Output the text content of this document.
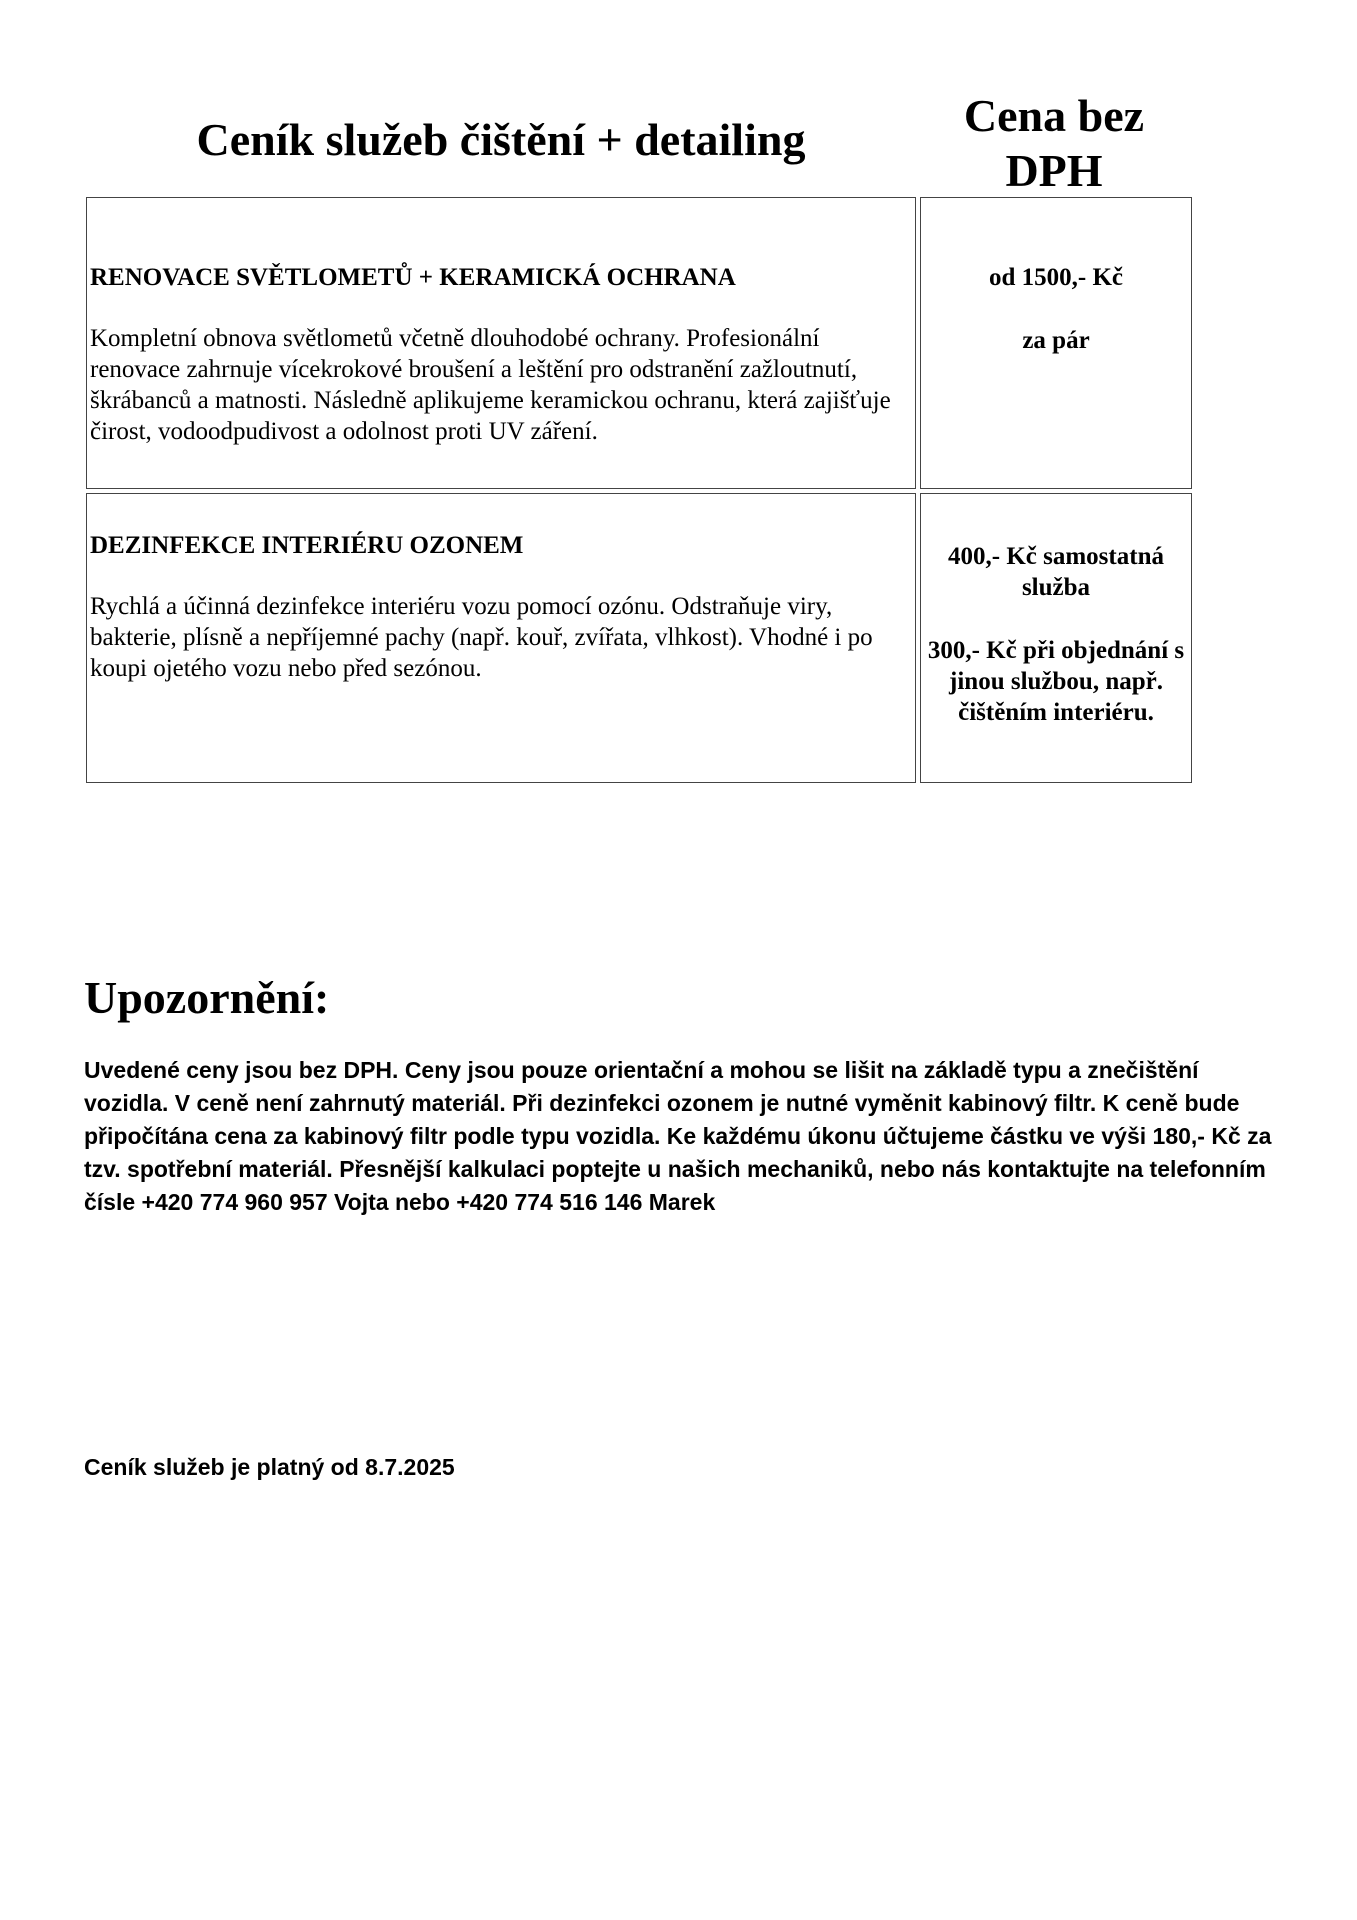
Ceník služeb čištění + detailing	Cena bez DPH

RENOVACE SVĚTLOMETŮ + KERAMICKÁ OCHRANA

Kompletní obnova světlometů včetně dlouhodobé ochrany. Profesionální renovace zahrnuje vícekrokové broušení a leštění pro odstranění zažloutnutí, škrábanců a matnosti. Následně aplikujeme keramickou ochranu, která zajišťuje čirost, vodoodpudivost a odolnost proti UV záření.

od 1500,- Kč

za pár

DEZINFEKCE INTERIÉRU OZONEM

Rychlá a účinná dezinfekce interiéru vozu pomocí ozónu. Odstraňuje viry, bakterie, plísně a nepříjemné pachy (např. kouř, zvířata, vlhkost). Vhodné i po koupi ojetého vozu nebo před sezónou.

400,- Kč samostatná služba

300,- Kč při objednání s jinou službou, např. čištěním interiéru.

Upozornění:

Uvedené ceny jsou bez DPH. Ceny jsou pouze orientační a mohou se lišit na základě typu a znečištění vozidla. V ceně není zahrnutý materiál. Při dezinfekci ozonem je nutné vyměnit kabinový filtr. K ceně bude připočítána cena za kabinový filtr podle typu vozidla. Ke každému úkonu účtujeme částku ve výši 180,- Kč za tzv. spotřební materiál. Přesnější kalkulaci poptejte u našich mechaniků, nebo nás kontaktujte na telefonním čísle +420 774 960 957 Vojta nebo +420 774 516 146 Marek

Ceník služeb je platný od 8.7.2025
